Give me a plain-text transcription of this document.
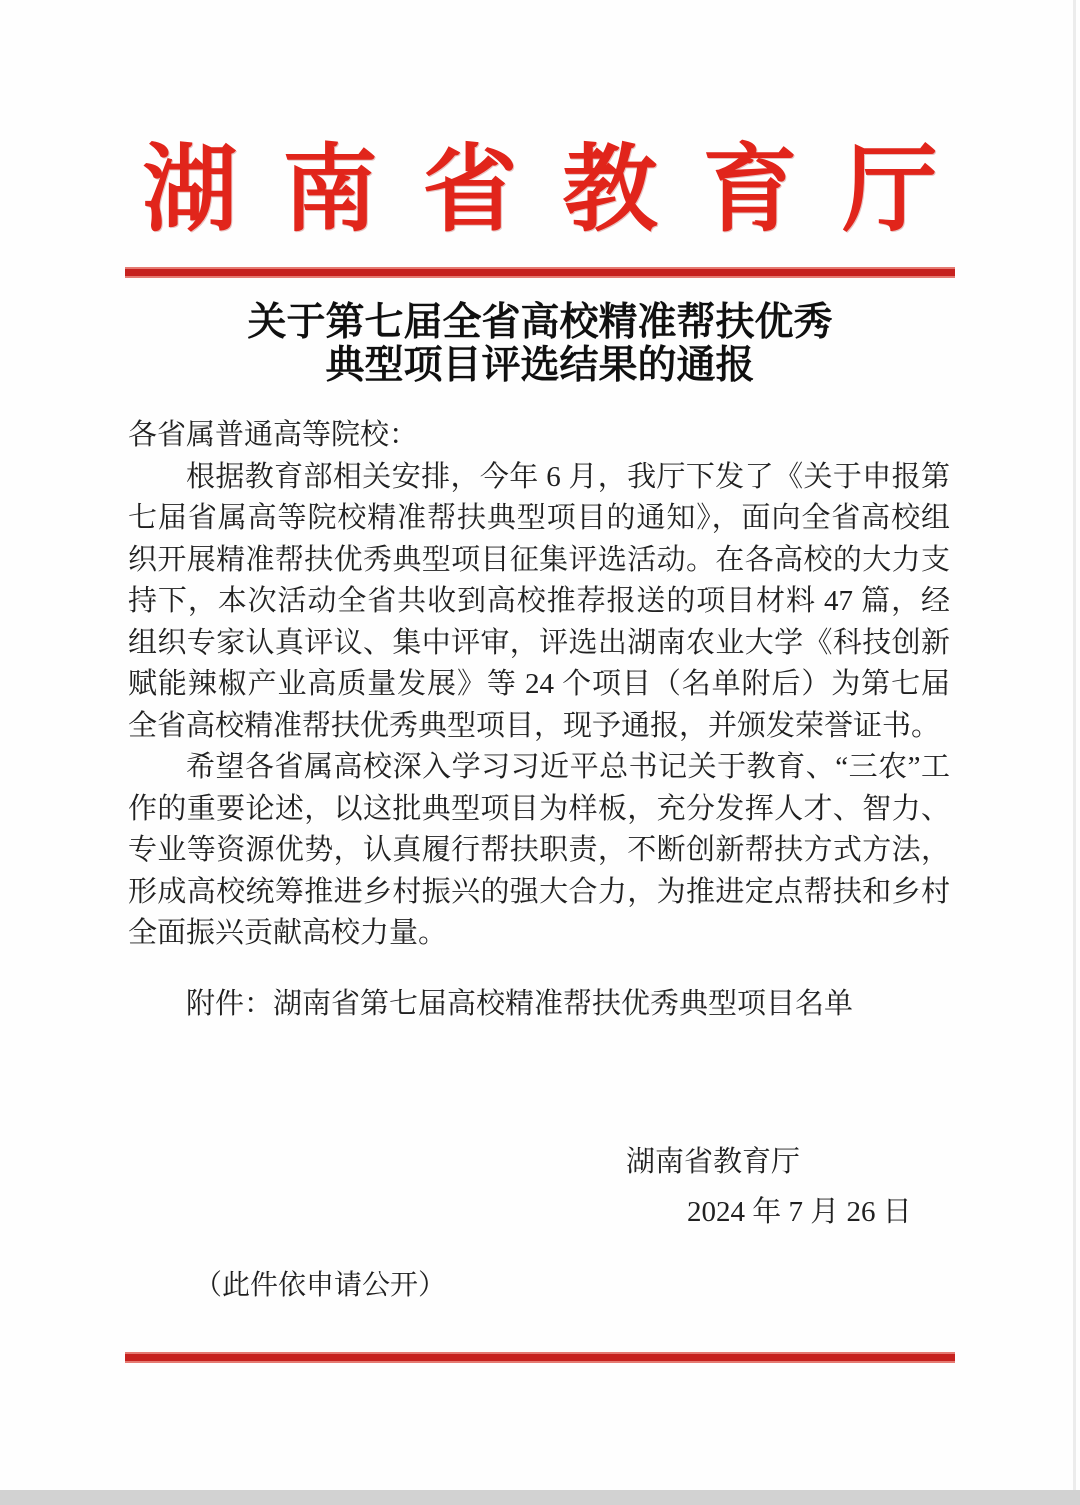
湖南省教育厅
关于第七届全省高校精准帮扶优秀
典型项目评选结果的通报

各省属普通高等院校：

根据教育部相关安排，今年 6 月，我厅下发了《关于申报第七届省属高等院校精准帮扶典型项目的通知》，面向全省高校组织开展精准帮扶优秀典型项目征集评选活动。在各高校的大力支持下，本次活动全省共收到高校推荐报送的项目材料 47 篇，经组织专家认真评议、集中评审，评选出湖南农业大学《科技创新赋能辣椒产业高质量发展》等 24 个项目（名单附后）为第七届全省高校精准帮扶优秀典型项目，现予通报，并颁发荣誉证书。

希望各省属高校深入学习习近平总书记关于教育、“三农”工作的重要论述，以这批典型项目为样板，充分发挥人才、智力、专业等资源优势，认真履行帮扶职责，不断创新帮扶方式方法，形成高校统筹推进乡村振兴的强大合力，为推进定点帮扶和乡村全面振兴贡献高校力量。

附件：湖南省第七届高校精准帮扶优秀典型项目名单
湖南省教育厅
2024 年 7 月 26 日
（此件依申请公开）
